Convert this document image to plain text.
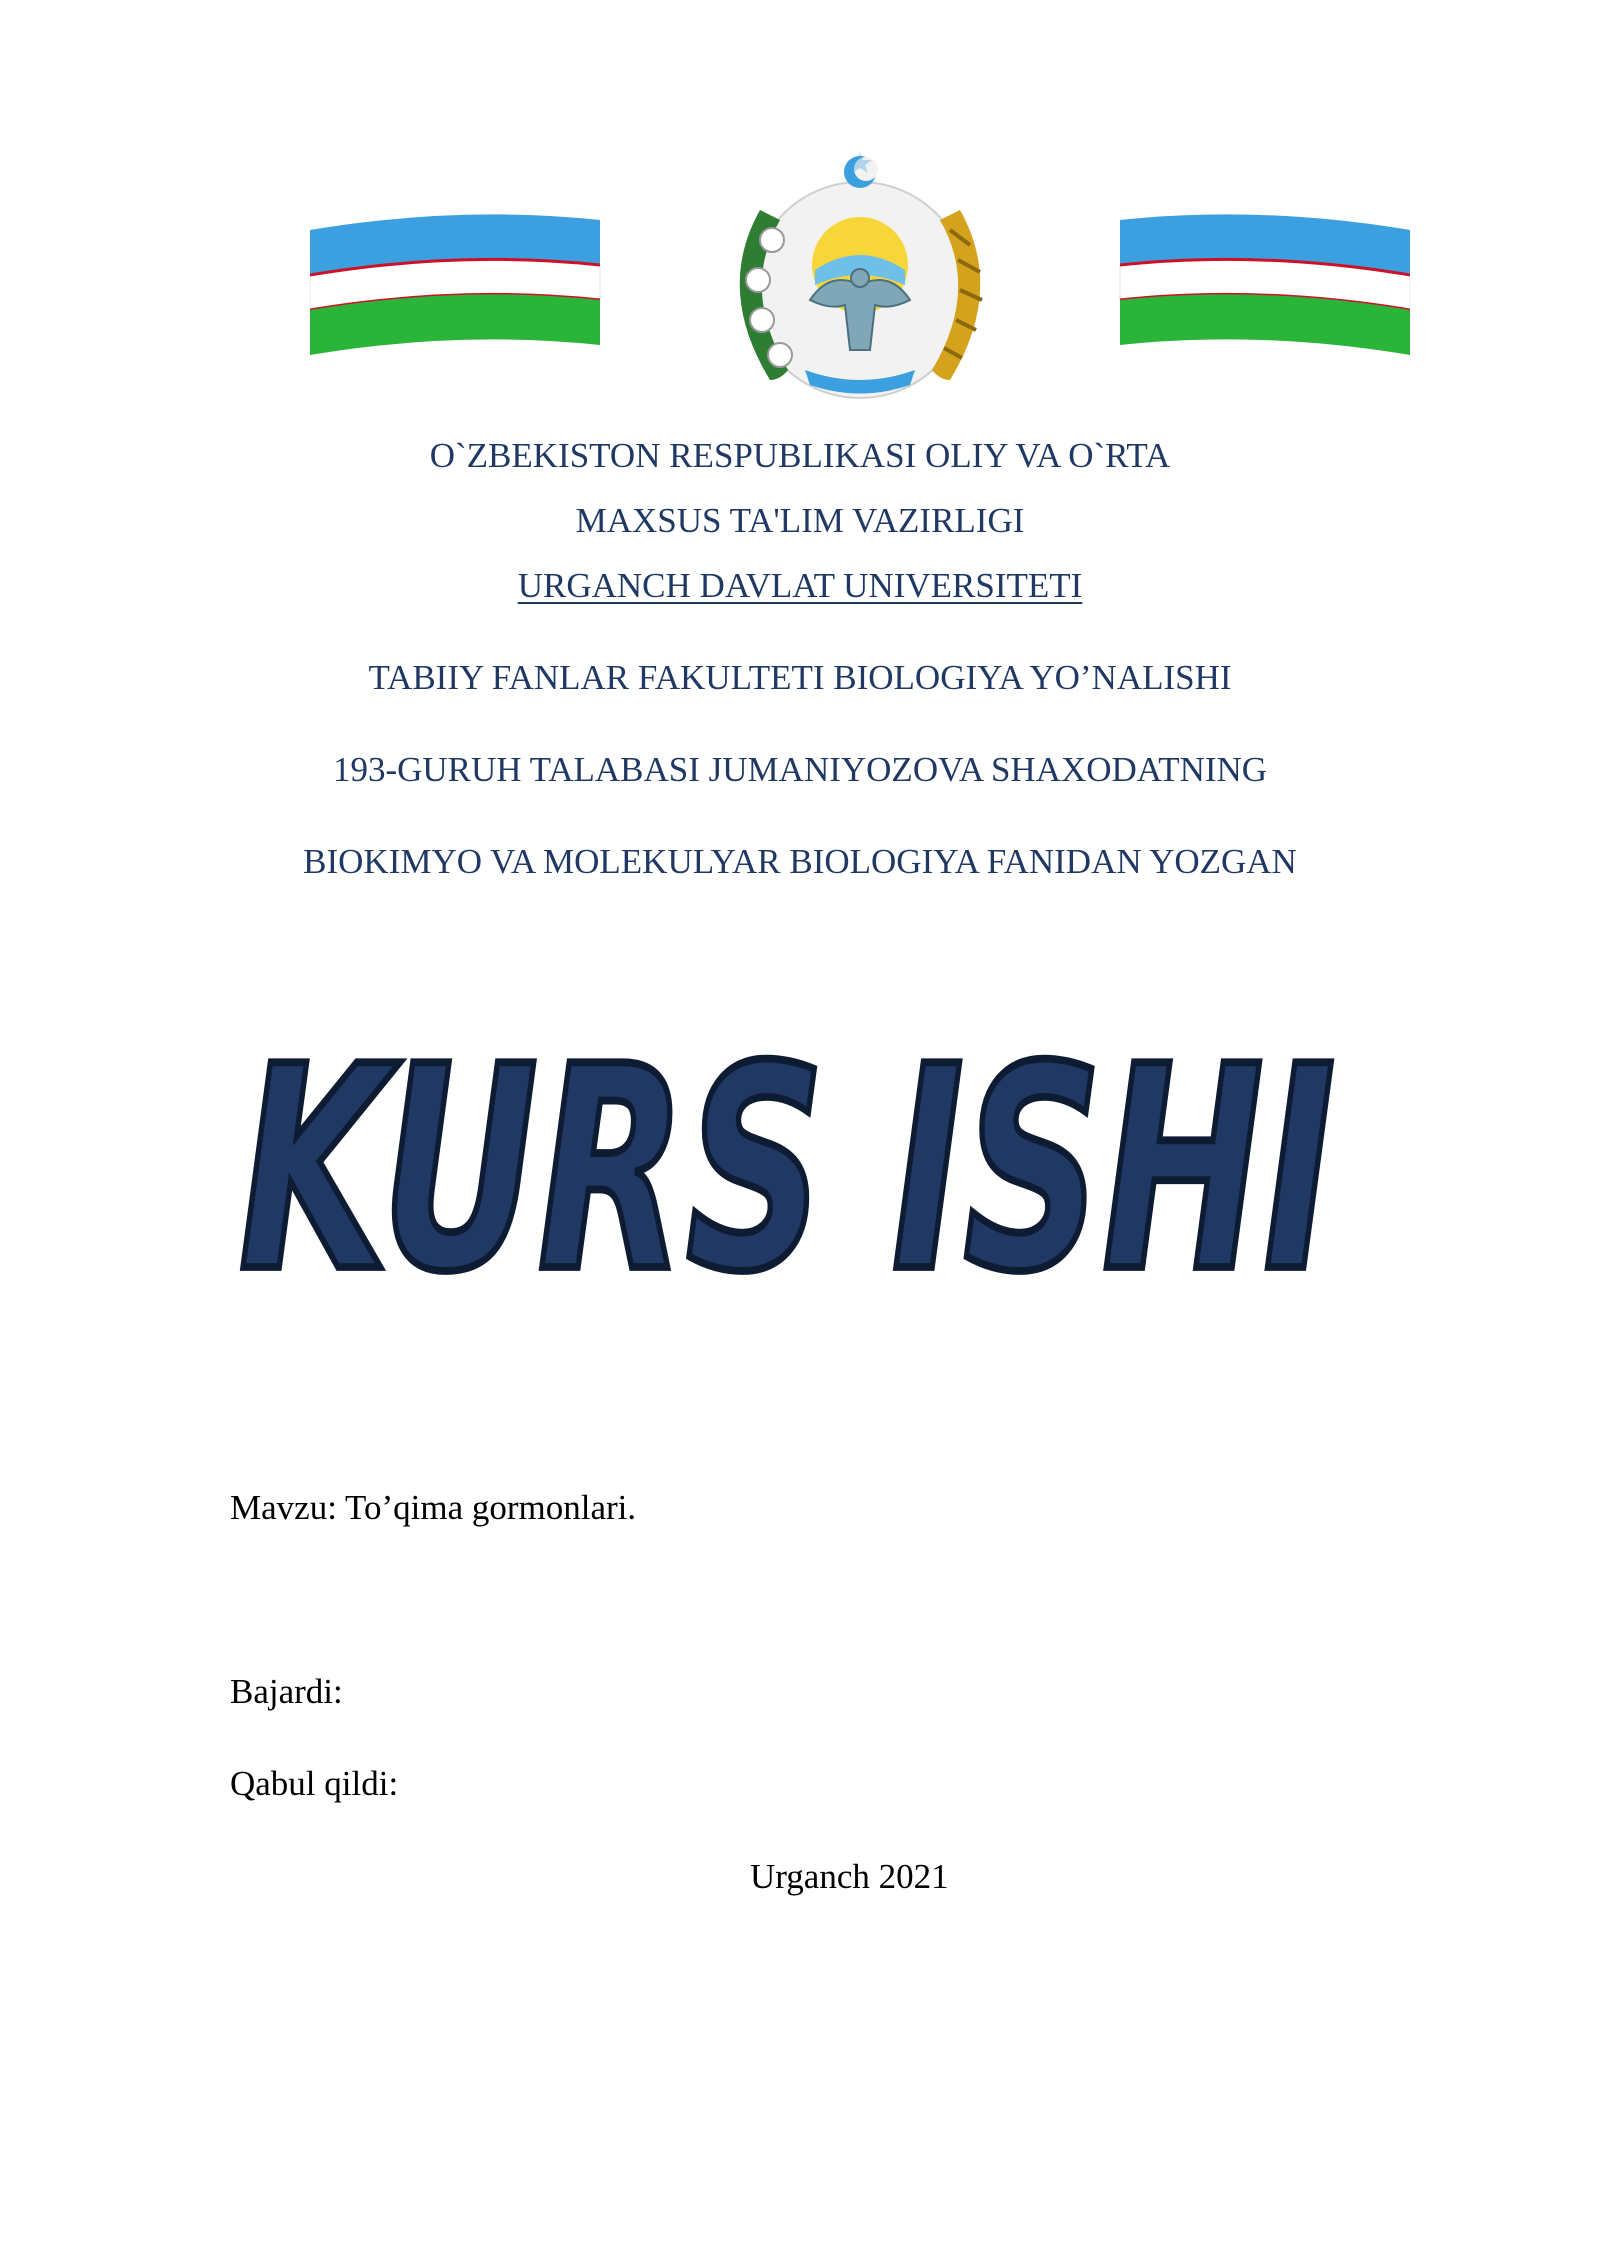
O`ZBEKISTON RESPUBLIKASI OLIY VA O`RTA
MAXSUS TA'LIM VAZIRLIGI
URGANCH DAVLAT UNIVERSITETI
TABIIY FANLAR FAKULTETI BIOLOGIYA YO’NALISHI
193-GURUH TALABASI JUMANIYOZOVA SHAXODATNING
BIOKIMYO VA MOLEKULYAR BIOLOGIYA FANIDAN YOZGAN
KURS ISHI
Mavzu: To’qima gormonlari.
Bajardi:
Qabul qildi:
Urganch 2021
